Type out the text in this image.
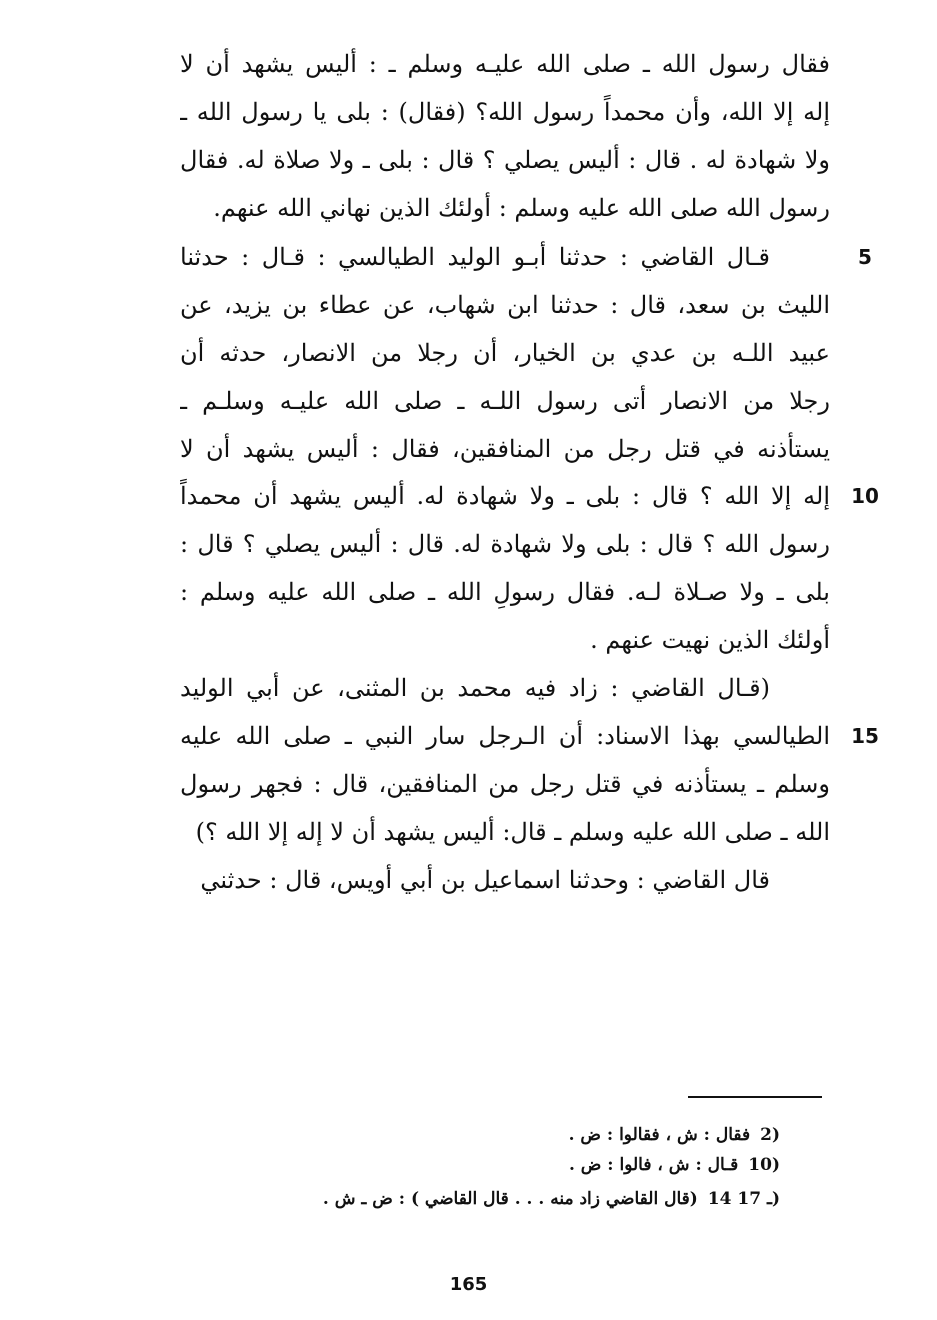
فقال رسول الله ـ صلى الله عليـه وسلم ـ : أليس يشهد أن لا
إله إلا الله، وأن محمداً رسول الله؟ (فقال) : بلى يا رسول الله ـ
ولا شهادة له . قال : أليس يصلي ؟ قال : بلى ـ ولا صلاة له. فقال
رسول الله صلى الله عليه وسلم : أولئك الذين نهاني الله عنهم.
قـال القاضي : حدثنا أبـو الوليد الطيالسي : قـال : حدثنا	5
الليث بن سعد، قال : حدثنا ابن شهاب، عن عطاء بن يزيد، عن
عبيد اللـه بن عدي بن الخيار، أن رجلا من الانصار، حدثه أن
رجلا من الانصار أتى رسول اللـه ـ صلى الله عليـه وسلـم ـ
يستأذنه في قتل رجل من المنافقين، فقال : أليس يشهد أن لا
إله إلا الله ؟ قال : بلى ـ ولا شهادة له. أليس يشهد أن محمداً	10
رسول الله ؟ قال : بلى ولا شهادة له. قال : أليس يصلي ؟ قال :
بلى ـ ولا صـلاة لـه. فقال رسولِ الله ـ صلى الله عليه وسلم :
أولئك الذين نهيت عنهم .
(قـال القاضي : زاد فيه محمد بن المثنى، عن أبي الوليد
الطيالسي بهذا الاسناد: أن الـرجل سار النبي ـ صلى الله عليه	15
وسلم ـ يستأذنه في قتل رجل من المنافقين، قال : فجهر رسول
الله ـ صلى الله عليه وسلم ـ قال: أليس يشهد أن لا إله إلا الله ؟)
قال القاضي : وحدثنا اسماعيل بن أبي أويس، قال : حدثني
2)فقال : ش ، فقالوا : ض .
10)قـال : ش ، فالوا : ض .
14 ـ 17)(قال القاضي زاد منه . . . قال القاضي ) : ض ـ ش .
165
